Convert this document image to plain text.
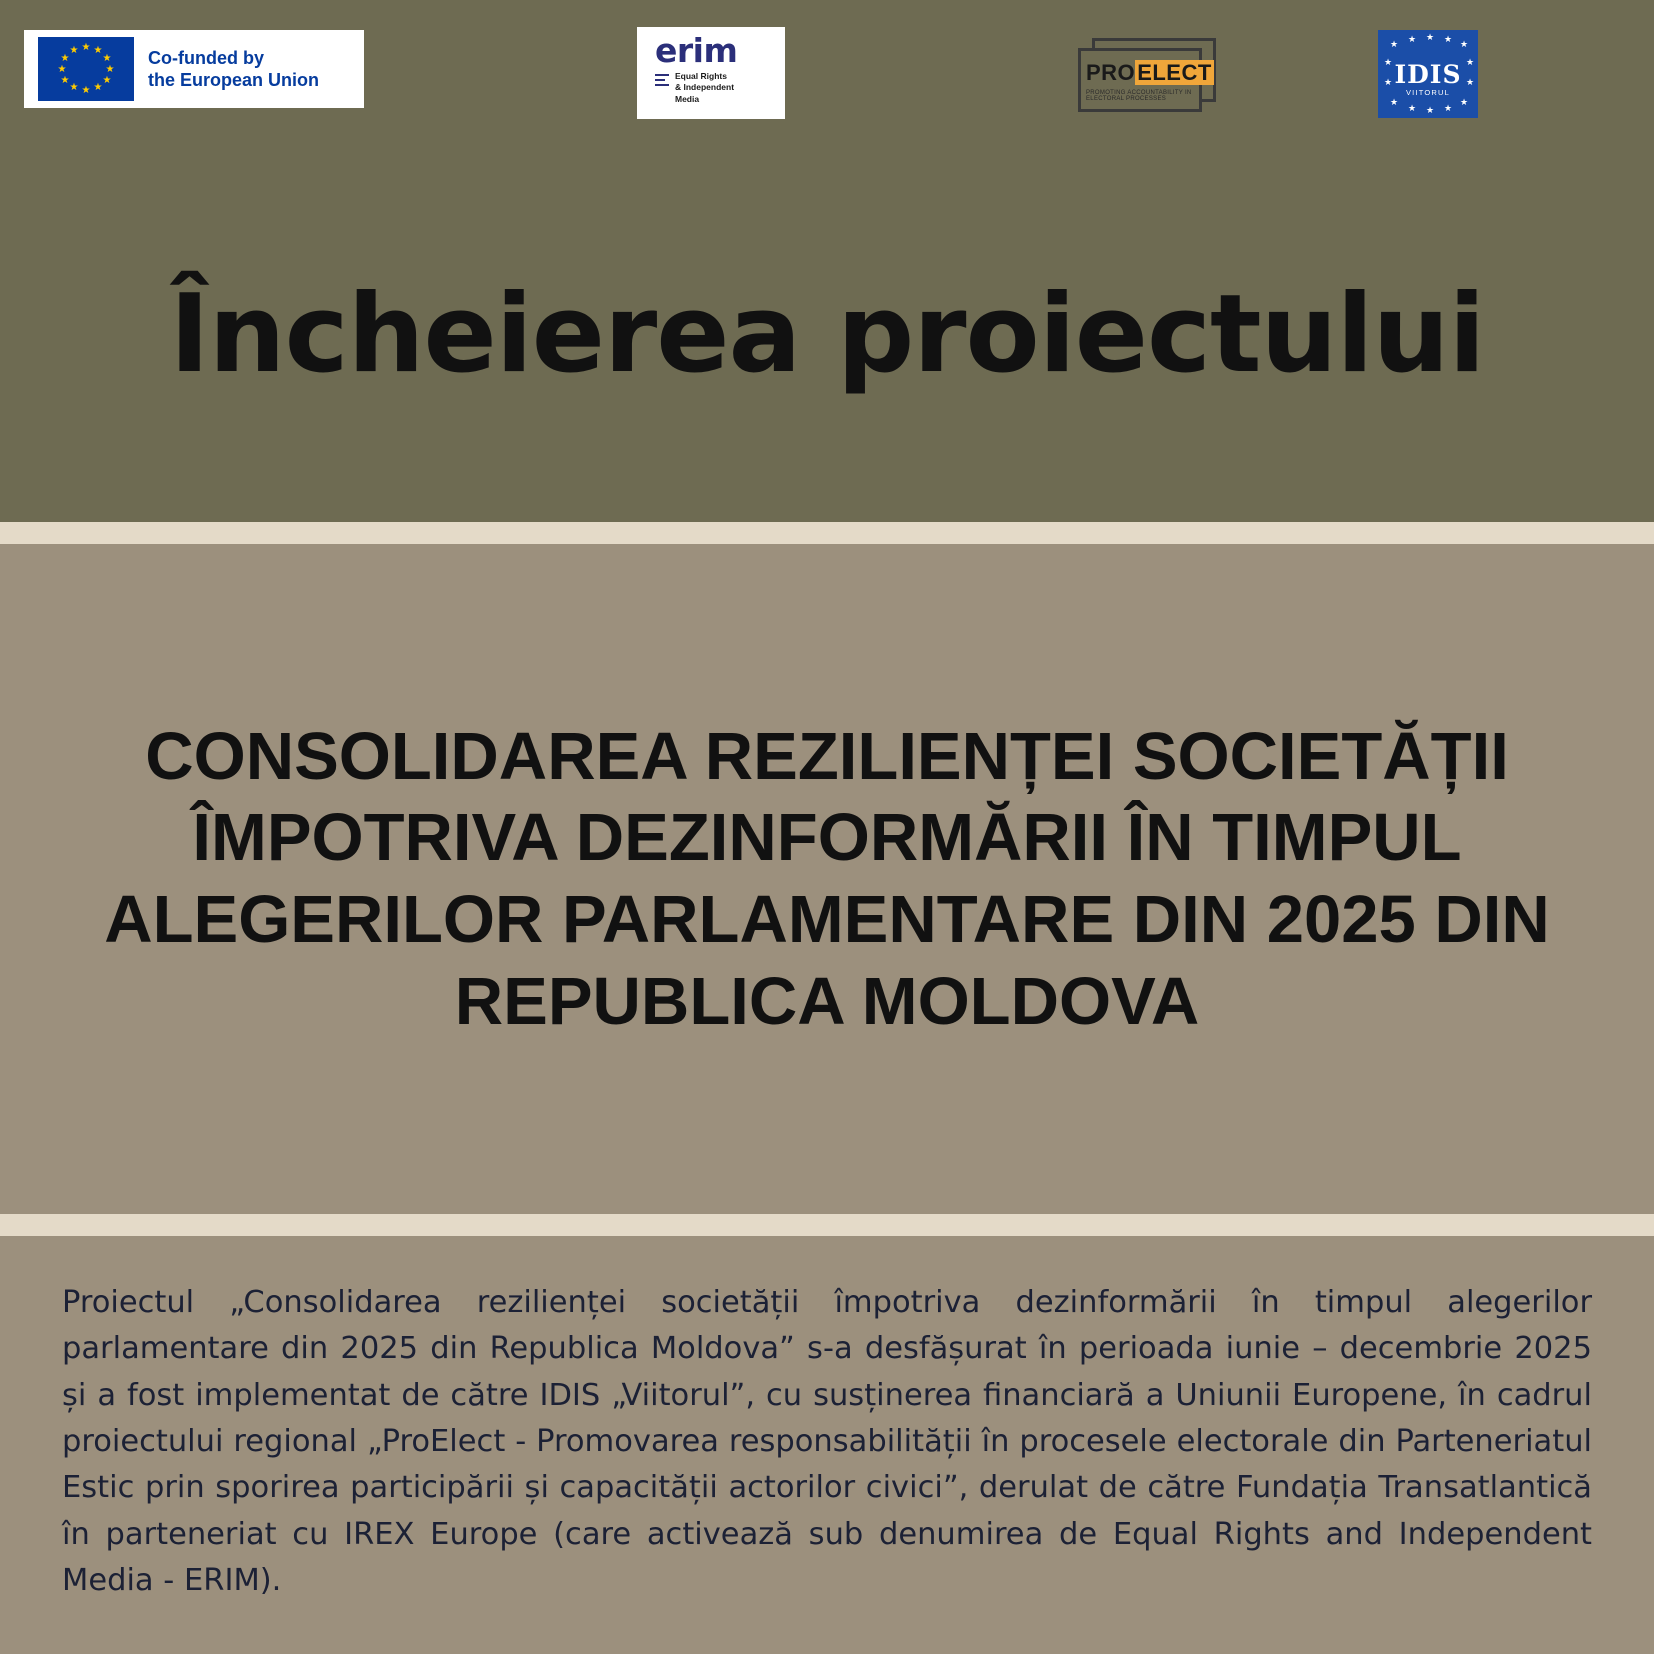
★ ★
★
★
★
★
★
★
★
★
★
★	Co-funded by
the European Union
erim
Equal Rights
& Independent
Media
PROELECT
PROMOTING ACCOUNTABILITY IN ELECTORAL PROCESSES
★ ★ ★ ★ ★
★	★
★	★
★
★ ★ ★
★
IDIS
VIITORUL
Încheierea proiectului
CONSOLIDAREA REZILIENȚEI SOCIETĂȚII ÎMPOTRIVA DEZINFORMĂRII ÎN TIMPUL ALEGERILOR PARLAMENTARE DIN 2025 DIN REPUBLICA MOLDOVA
Proiectul „Consolidarea rezilienței societății împotriva dezinformării în timpul alegerilor parlamentare din 2025 din Republica Moldova” s-a desfășurat în perioada iunie – decembrie 2025 și a fost implementat de către IDIS „Viitorul”, cu susținerea financiară a Uniunii Europene, în cadrul proiectului regional „ProElect - Promovarea responsabilității în procesele electorale din Parteneriatul Estic prin sporirea participării și capacității actorilor civici”, derulat de către Fundația Transatlantică în parteneriat cu IREX Europe (care activează sub denumirea de Equal Rights and Independent Media - ERIM).
